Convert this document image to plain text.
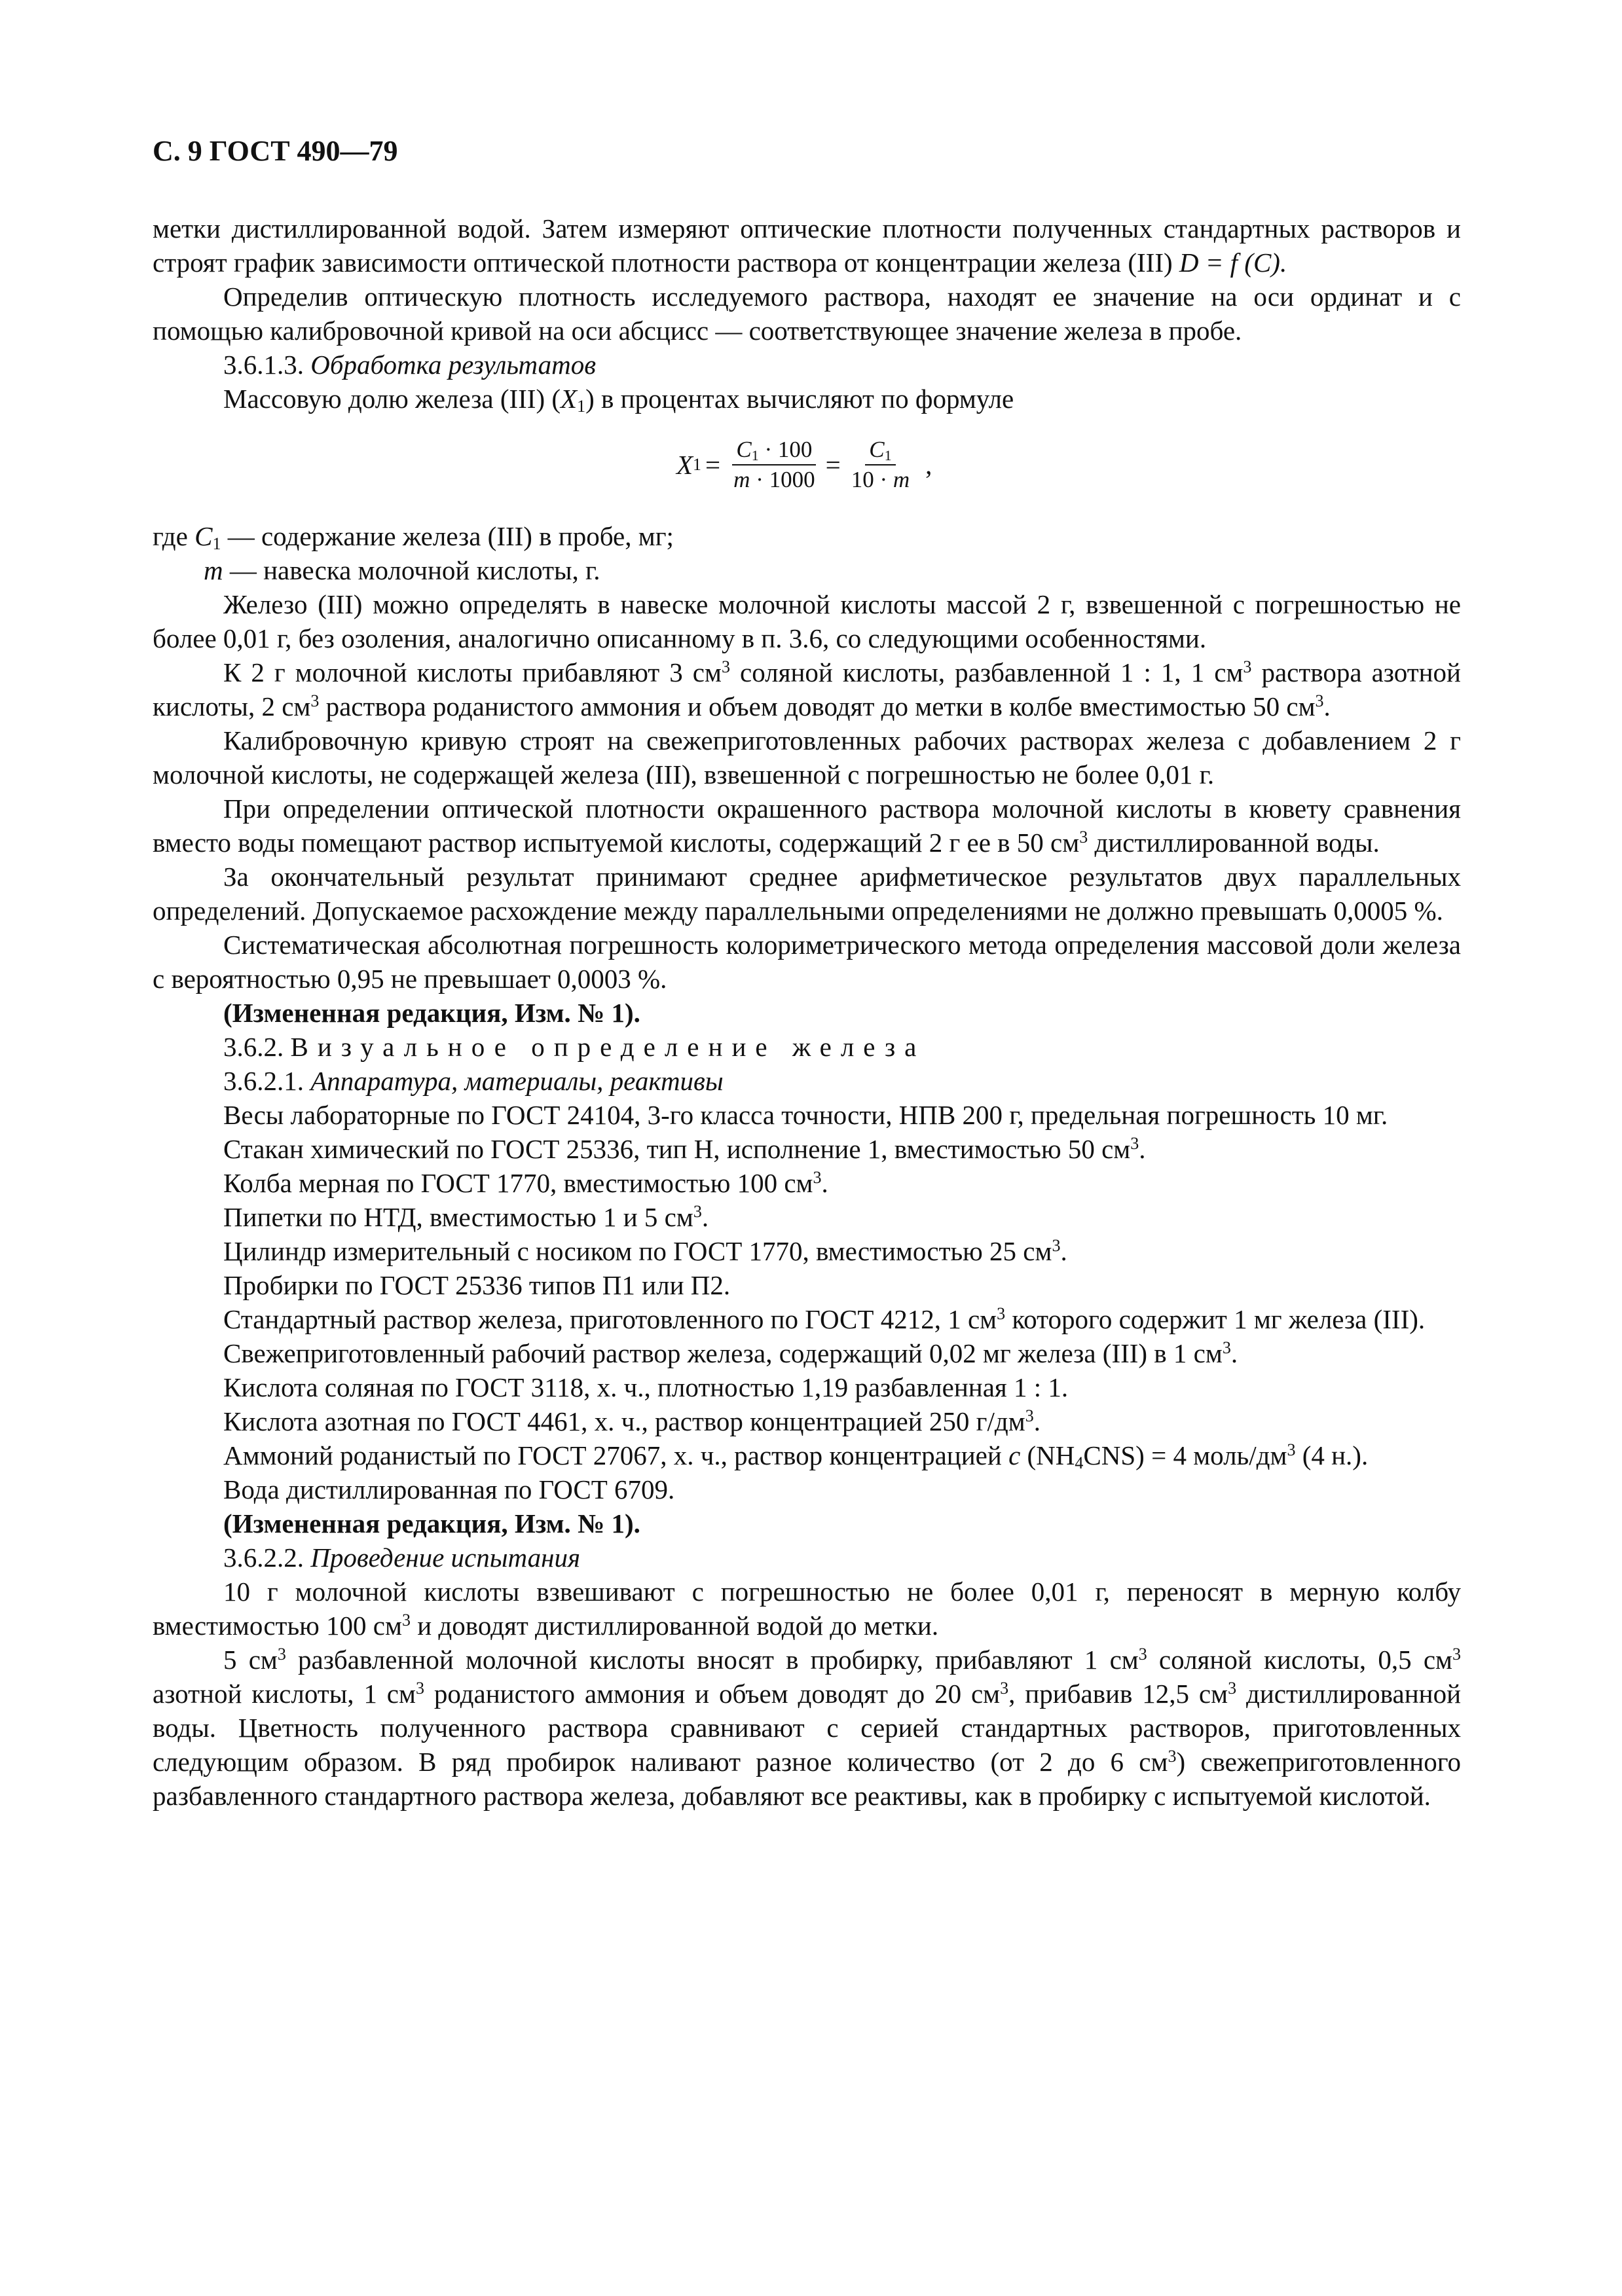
С. 9 ГОСТ 490—79

метки дистиллированной водой. Затем измеряют оптические плотности полученных стандартных растворов и строят график зависимости оптической плотности раствора от концентрации железа (III) D = f (C).

Определив оптическую плотность исследуемого раствора, находят ее значение на оси ординат и с помощью калибровочной кривой на оси абсцисс — соответствующее значение железа в пробе.

3.6.1.3. Обработка результатов

Массовую долю железа (III) $(X_1)$ в процентах вычисляют по формуле

X $1 = \frac{C_1 \cdot 100}{m \cdot 1000} = \frac{C_1}{10 \cdot m}$ ,

где $C_1$ — содержание железа (III) в пробе, мг;

m — навеска молочной кислоты, г.

Железо (III) можно определять в навеске молочной кислоты массой 2 г, взвешенной с погрешностью не более 0,01 г, без озоления, аналогично описанному в п. 3.6, со следующими особенностями.

К 2 г молочной кислоты прибавляют 3 $см^3$ соляной кислоты, разбавленной 1 : 1, 1 $см^3$ раствора азотной кислоты, 2 $см^3$ раствора роданистого аммония и объем доводят до метки в колбе вместимостью 50 $см^3$.

Калибровочную кривую строят на свежеприготовленных рабочих растворах железа с добавлением 2 г молочной кислоты, не содержащей железа (III), взвешенной с погрешностью не более 0,01 г.

При определении оптической плотности окрашенного раствора молочной кислоты в кювету сравнения вместо воды помещают раствор испытуемой кислоты, содержащий 2 г ее в 50 $см^3$ дистиллированной воды.

За окончательный результат принимают среднее арифметическое результатов двух параллельных определений. Допускаемое расхождение между параллельными определениями не должно превышать 0,0005 %.

Систематическая абсолютная погрешность колориметрического метода определения массовой доли железа с вероятностью 0,95 не превышает 0,0003 %.

(Измененная редакция, Изм. № 1).

3.6.2. Визуальное определение железа

3.6.2.1. Аппаратура, материалы, реактивы

Весы лабораторные по ГОСТ 24104, 3-го класса точности, НПВ 200 г, предельная погрешность 10 мг.

Стакан химический по ГОСТ 25336, тип Н, исполнение 1, вместимостью 50 $см^3$.

Колба мерная по ГОСТ 1770, вместимостью 100 $см^3$.

Пипетки по НТД, вместимостью 1 и 5 $см^3$.

Цилиндр измерительный с носиком по ГОСТ 1770, вместимостью 25 $см^3$.

Пробирки по ГОСТ 25336 типов П1 или П2.

Стандартный раствор железа, приготовленного по ГОСТ 4212, 1 $см^3$ которого содержит 1 мг железа (III).

Свежеприготовленный рабочий раствор железа, содержащий 0,02 мг железа (III) в 1 $см^3$.

Кислота соляная по ГОСТ 3118, х. ч., плотностью 1,19 разбавленная 1 : 1.

Кислота азотная по ГОСТ 4461, х. ч., раствор концентрацией 250 $г/дм^3$.

Аммоний роданистый по ГОСТ 27067, х. ч., раствор концентрацией c $(NH_4CNS) = 4$ моль/$дм^3$ (4 н.).

Вода дистиллированная по ГОСТ 6709.

(Измененная редакция, Изм. № 1).

3.6.2.2. Проведение испытания

10 г молочной кислоты взвешивают с погрешностью не более 0,01 г, переносят в мерную колбу вместимостью 100 $см^3$ и доводят дистиллированной водой до метки.

5 $см^3$ разбавленной молочной кислоты вносят в пробирку, прибавляют 1 $см^3$ соляной кислоты, 0,5 $см^3$ азотной кислоты, 1 $см^3$ роданистого аммония и объем доводят до 20 $см^3$, прибавив 12,5 $см^3$ дистиллированной воды. Цветность полученного раствора сравнивают с серией стандартных растворов, приготовленных следующим образом. В ряд пробирок наливают разное количество (от 2 до 6 $см^3$) свежеприготовленного разбавленного стандартного раствора железа, добавляют все реактивы, как в пробирку с испытуемой кислотой.
